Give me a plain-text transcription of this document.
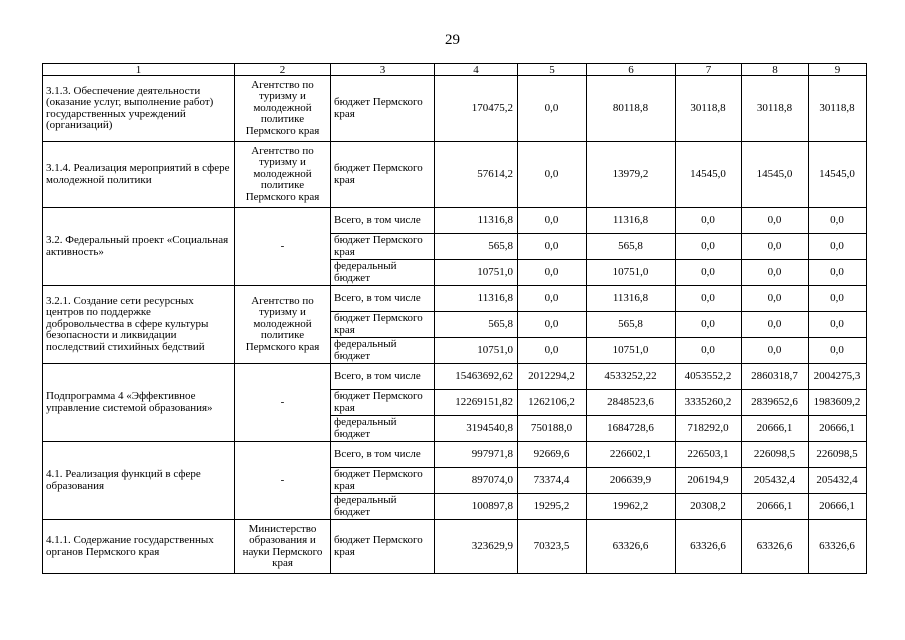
29
1	2	3	4	5	6	7	8	9
3.1.3. Обеспечение деятельности (оказание услуг, выполнение работ) государственных учреждений (организаций)	Агентство по туризму и молодежной политике Пермского края	бюджет Пермского края	170475,2	0,0	80118,8	30118,8	30118,8	30118,8
3.1.4. Реализация мероприятий в сфере молодежной политики	Агентство по туризму и молодежной политике Пермского края	бюджет Пермского края	57614,2	0,0	13979,2	14545,0	14545,0	14545,0
3.2. Федеральный проект «Социальная активность»	-	Всего, в том числе	11316,8	0,0	11316,8	0,0	0,0	0,0
		бюджет Пермского края	565,8	0,0	565,8	0,0	0,0	0,0
		федеральный бюджет	10751,0	0,0	10751,0	0,0	0,0	0,0
3.2.1. Создание сети ресурсных центров по поддержке добровольчества в сфере культуры безопасности и ликвидации последствий стихийных бедствий	Агентство по туризму и молодежной политике Пермского края	Всего, в том числе	11316,8	0,0	11316,8	0,0	0,0	0,0
		бюджет Пермского края	565,8	0,0	565,8	0,0	0,0	0,0
		федеральный бюджет	10751,0	0,0	10751,0	0,0	0,0	0,0
Подпрограмма 4 «Эффективное управление системой образования»	-	Всего, в том числе	15463692,62	2012294,2	4533252,22	4053552,2	2860318,7	2004275,3
		бюджет Пермского края	12269151,82	1262106,2	2848523,6	3335260,2	2839652,6	1983609,2
		федеральный бюджет	3194540,8	750188,0	1684728,6	718292,0	20666,1	20666,1
4.1. Реализация функций в сфере образования	-	Всего, в том числе	997971,8	92669,6	226602,1	226503,1	226098,5	226098,5
		бюджет Пермского края	897074,0	73374,4	206639,9	206194,9	205432,4	205432,4
		федеральный бюджет	100897,8	19295,2	19962,2	20308,2	20666,1	20666,1
4.1.1. Содержание государственных органов Пермского края	Министерство образования и науки Пермского края	бюджет Пермского края	323629,9	70323,5	63326,6	63326,6	63326,6	63326,6
